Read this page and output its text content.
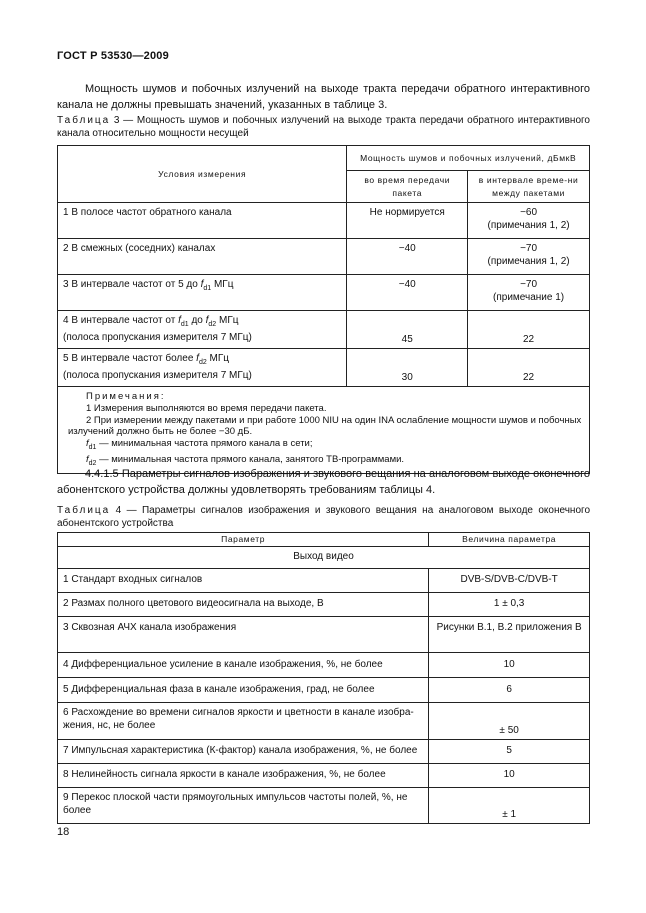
ГОСТ Р 53530—2009
Мощность шумов и побочных излучений на выходе тракта передачи обратного интерактивного канала не должны превышать значений, указанных в таблице 3.
Таблица 3 — Мощность шумов и побочных излучений на выходе тракта передачи обратного интерактивного канала относительно мощности несущей
Условия измерения	Мощность шумов и побочных излучений, дБмкВ	
	во время передачи пакета	в интервале време-ни между пакетами
1 В полосе частот обратного канала	Не нормируется	−60
(примечания 1, 2)

2 В смежных (соседних) каналах	−40	−70
(примечания 1, 2)

3 В интервале частот от 5 до $f_{d1}$ МГц	−40	−70
(примечание 1)

4 В интервале частот от $f_{d1}$ до $f_{d2}$ МГц
(полоса пропускания измерителя 7 МГц)	45	22

5 В интервале частот более $f_{d2}$ МГц
(полоса пропускания измерителя 7 МГц)	30	22

Примечания:
1 Измерения выполняются во время передачи пакета.
2 При измерении между пакетами и при работе 1000 NIU на один INA ослабление мощности шумов и побочных излучений должно быть не более −30 дБ.
$f_{d1}$ — минимальная частота прямого канала в сети;
$f_{d2}$ — минимальная частота прямого канала, занятого ТВ-программами.		
4.4.1.5 Параметры сигналов изображения и звукового вещания на аналоговом выходе оконечного абонентского устройства должны удовлетворять требованиям таблицы 4.
Таблица 4 — Параметры сигналов изображения и звукового вещания на аналоговом выходе оконечного абонентского устройства
Параметр	Величина параметра
Выход видео	
1 Стандарт входных сигналов	DVB-S/DVB-C/DVB-T
2 Размах полного цветового видеосигнала на выходе, В	1 ± 0,3
3 Сквозная АЧХ канала изображения	Рисунки В.1, В.2 приложения В
4 Дифференциальное усиление в канале изображения, %, не более	10
5 Дифференциальная фаза в канале изображения, град, не более	6
6 Расхождение во времени сигналов яркости и цветности в канале изобра-жения, нс, не более	± 50
7 Импульсная характеристика (К-фактор) канала изображения, %, не более	5
8 Нелинейность сигнала яркости в канале изображения, %, не более	10
9 Перекос плоской части прямоугольных импульсов частоты полей, %, не более	± 1
18
